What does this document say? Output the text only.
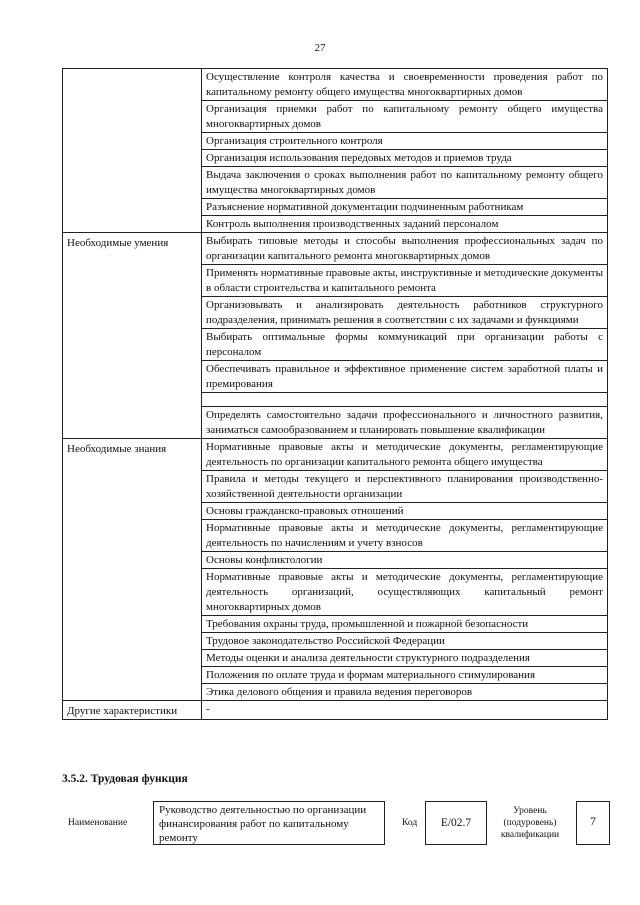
27
	Осуществление контроля качества и своевременности проведения работ по капитальному ремонту общего имущества многоквартирных домов
	Организация приемки работ по капитальному ремонту общего имущества многоквартирных домов
	Организация строительного контроля
	Организация использования передовых методов и приемов труда
	Выдача заключения о сроках выполнения работ по капитальному ремонту общего имущества многоквартирных домов
	Разъяснение нормативной документации подчиненным работникам
	Контроль выполнения производственных заданий персоналом
Необходимые умения	Выбирать типовые методы и способы выполнения профессиональных задач по организации капитального ремонта многоквартирных домов
	Применять нормативные правовые акты, инструктивные и методические документы в области строительства и капитального ремонта
	Организовывать и анализировать деятельность работников структурного подразделения, принимать решения в соответствии с их задачами и функциями
	Выбирать оптимальные формы коммуникаций при организации работы с персоналом
	Обеспечивать правильное и эффективное применение систем заработной платы и премирования

	Определять самостоятельно задачи профессионального и личностного развития, заниматься самообразованием и планировать повышение квалификации
Необходимые знания	Нормативные правовые акты и методические документы, регламентирующие деятельность по организации капитального ремонта общего имущества
	Правила и методы текущего и перспективного планирования производственно-хозяйственной деятельности организации
	Основы гражданско-правовых отношений
	Нормативные правовые акты и методические документы, регламентирующие деятельность по начислениям и учету взносов
	Основы конфликтологии
	Нормативные правовые акты и методические документы, регламентирующие деятельность организаций, осуществляющих капитальный ремонт многоквартирных домов
	Требования охраны труда, промышленной и пожарной безопасности
	Трудовое законодательство Российской Федерации
	Методы оценки и анализа деятельности структурного подразделения
	Положения по оплате труда и формам материального стимулирования
	Этика делового общения и правила ведения переговоров
Другие характеристики	-
3.5.2. Трудовая функция
Наименование
Руководство деятельностью по организации финансирования работ по капитальному ремонту
Код	E/02.7
Уровень (подуровень) квалификации
7
